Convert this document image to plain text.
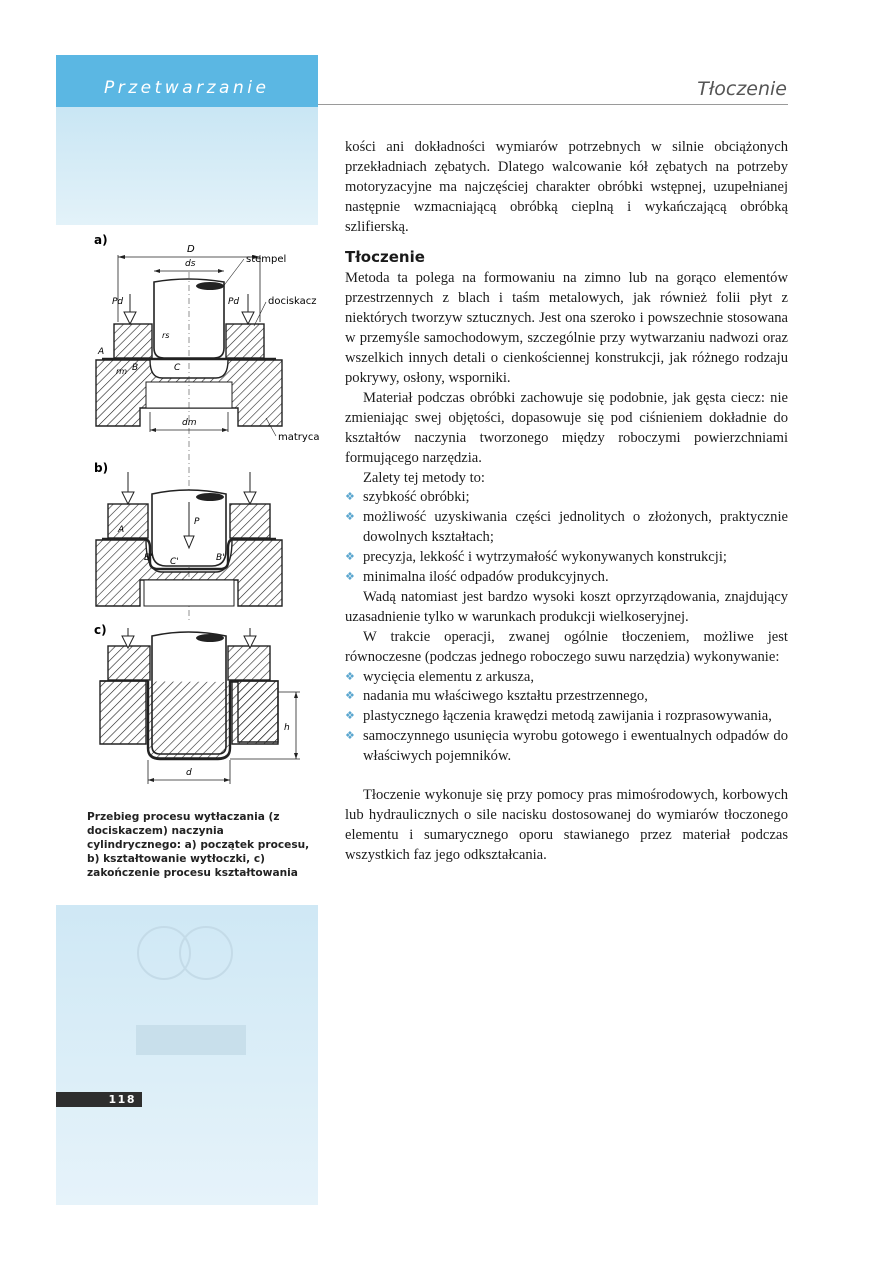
Przetwarzanie	Tłoczenie
a)
D
ds	stempel
Pd	Pd	dociskacz
A
B	C
rs
rm
dm
matryca
b)
P
A
B'	B'
C'
c)
h
d
Przebieg procesu wytłaczania (z dociskaczem) naczynia cylindrycznego: a) początek procesu, b) kształtowanie wytłoczki, c) zakończenie procesu kształtowania
118

kości ani dokładności wymiarów potrzebnych w silnie obciążonych przekładniach zębatych. Dlatego walcowanie kół zębatych na potrzeby motoryzacyjne ma najczęściej charakter obróbki wstępnej, uzupełnianej następnie wzmacniającą obróbką cieplną i wykańczającą obróbką szlifierską.

Tłoczenie

Metoda ta polega na formowaniu na zimno lub na gorąco elementów przestrzennych z blach i taśm metalowych, jak również folii płyt z niektórych tworzyw sztucznych. Jest ona szeroko i powszechnie stosowana w przemyśle samochodowym, szczególnie przy wytwarzaniu nadwozi oraz wszelkich innych detali o cienkościennej konstrukcji, jak różnego rodzaju pokrywy, osłony, wsporniki.

Materiał podczas obróbki zachowuje się podobnie, jak gęsta ciecz: nie zmieniając swej objętości, dopasowuje się pod ciśnieniem dokładnie do kształtów naczynia tworzonego między roboczymi powierzchniami formującego narzędzia.

Zalety tej metody to:

❖ szybkość obróbki;
❖ możliwość uzyskiwania części jednolitych o złożonych, praktycznie dowolnych kształtach;
❖ precyzja, lekkość i wytrzymałość wykonywanych konstrukcji;
❖ minimalna ilość odpadów produkcyjnych.

Wadą natomiast jest bardzo wysoki koszt oprzyrządowania, znajdujący uzasadnienie tylko w warunkach produkcji wielkoseryjnej.

W trakcie operacji, zwanej ogólnie tłoczeniem, możliwe jest równoczesne (podczas jednego roboczego suwu narzędzia) wykonywanie:

❖ wycięcia elementu z arkusza,
❖ nadania mu właściwego kształtu przestrzennego,
❖ plastycznego łączenia krawędzi metodą zawijania i rozprasowywania,
❖ samoczynnego usunięcia wyrobu gotowego i ewentualnych odpadów do właściwych pojemników.

Tłoczenie wykonuje się przy pomocy pras mimośrodowych, korbowych lub hydraulicznych o sile nacisku dostosowanej do wymiarów tłoczonego elementu i sumarycznego oporu stawianego przez materiał podczas wszystkich faz jego odkształcania.
